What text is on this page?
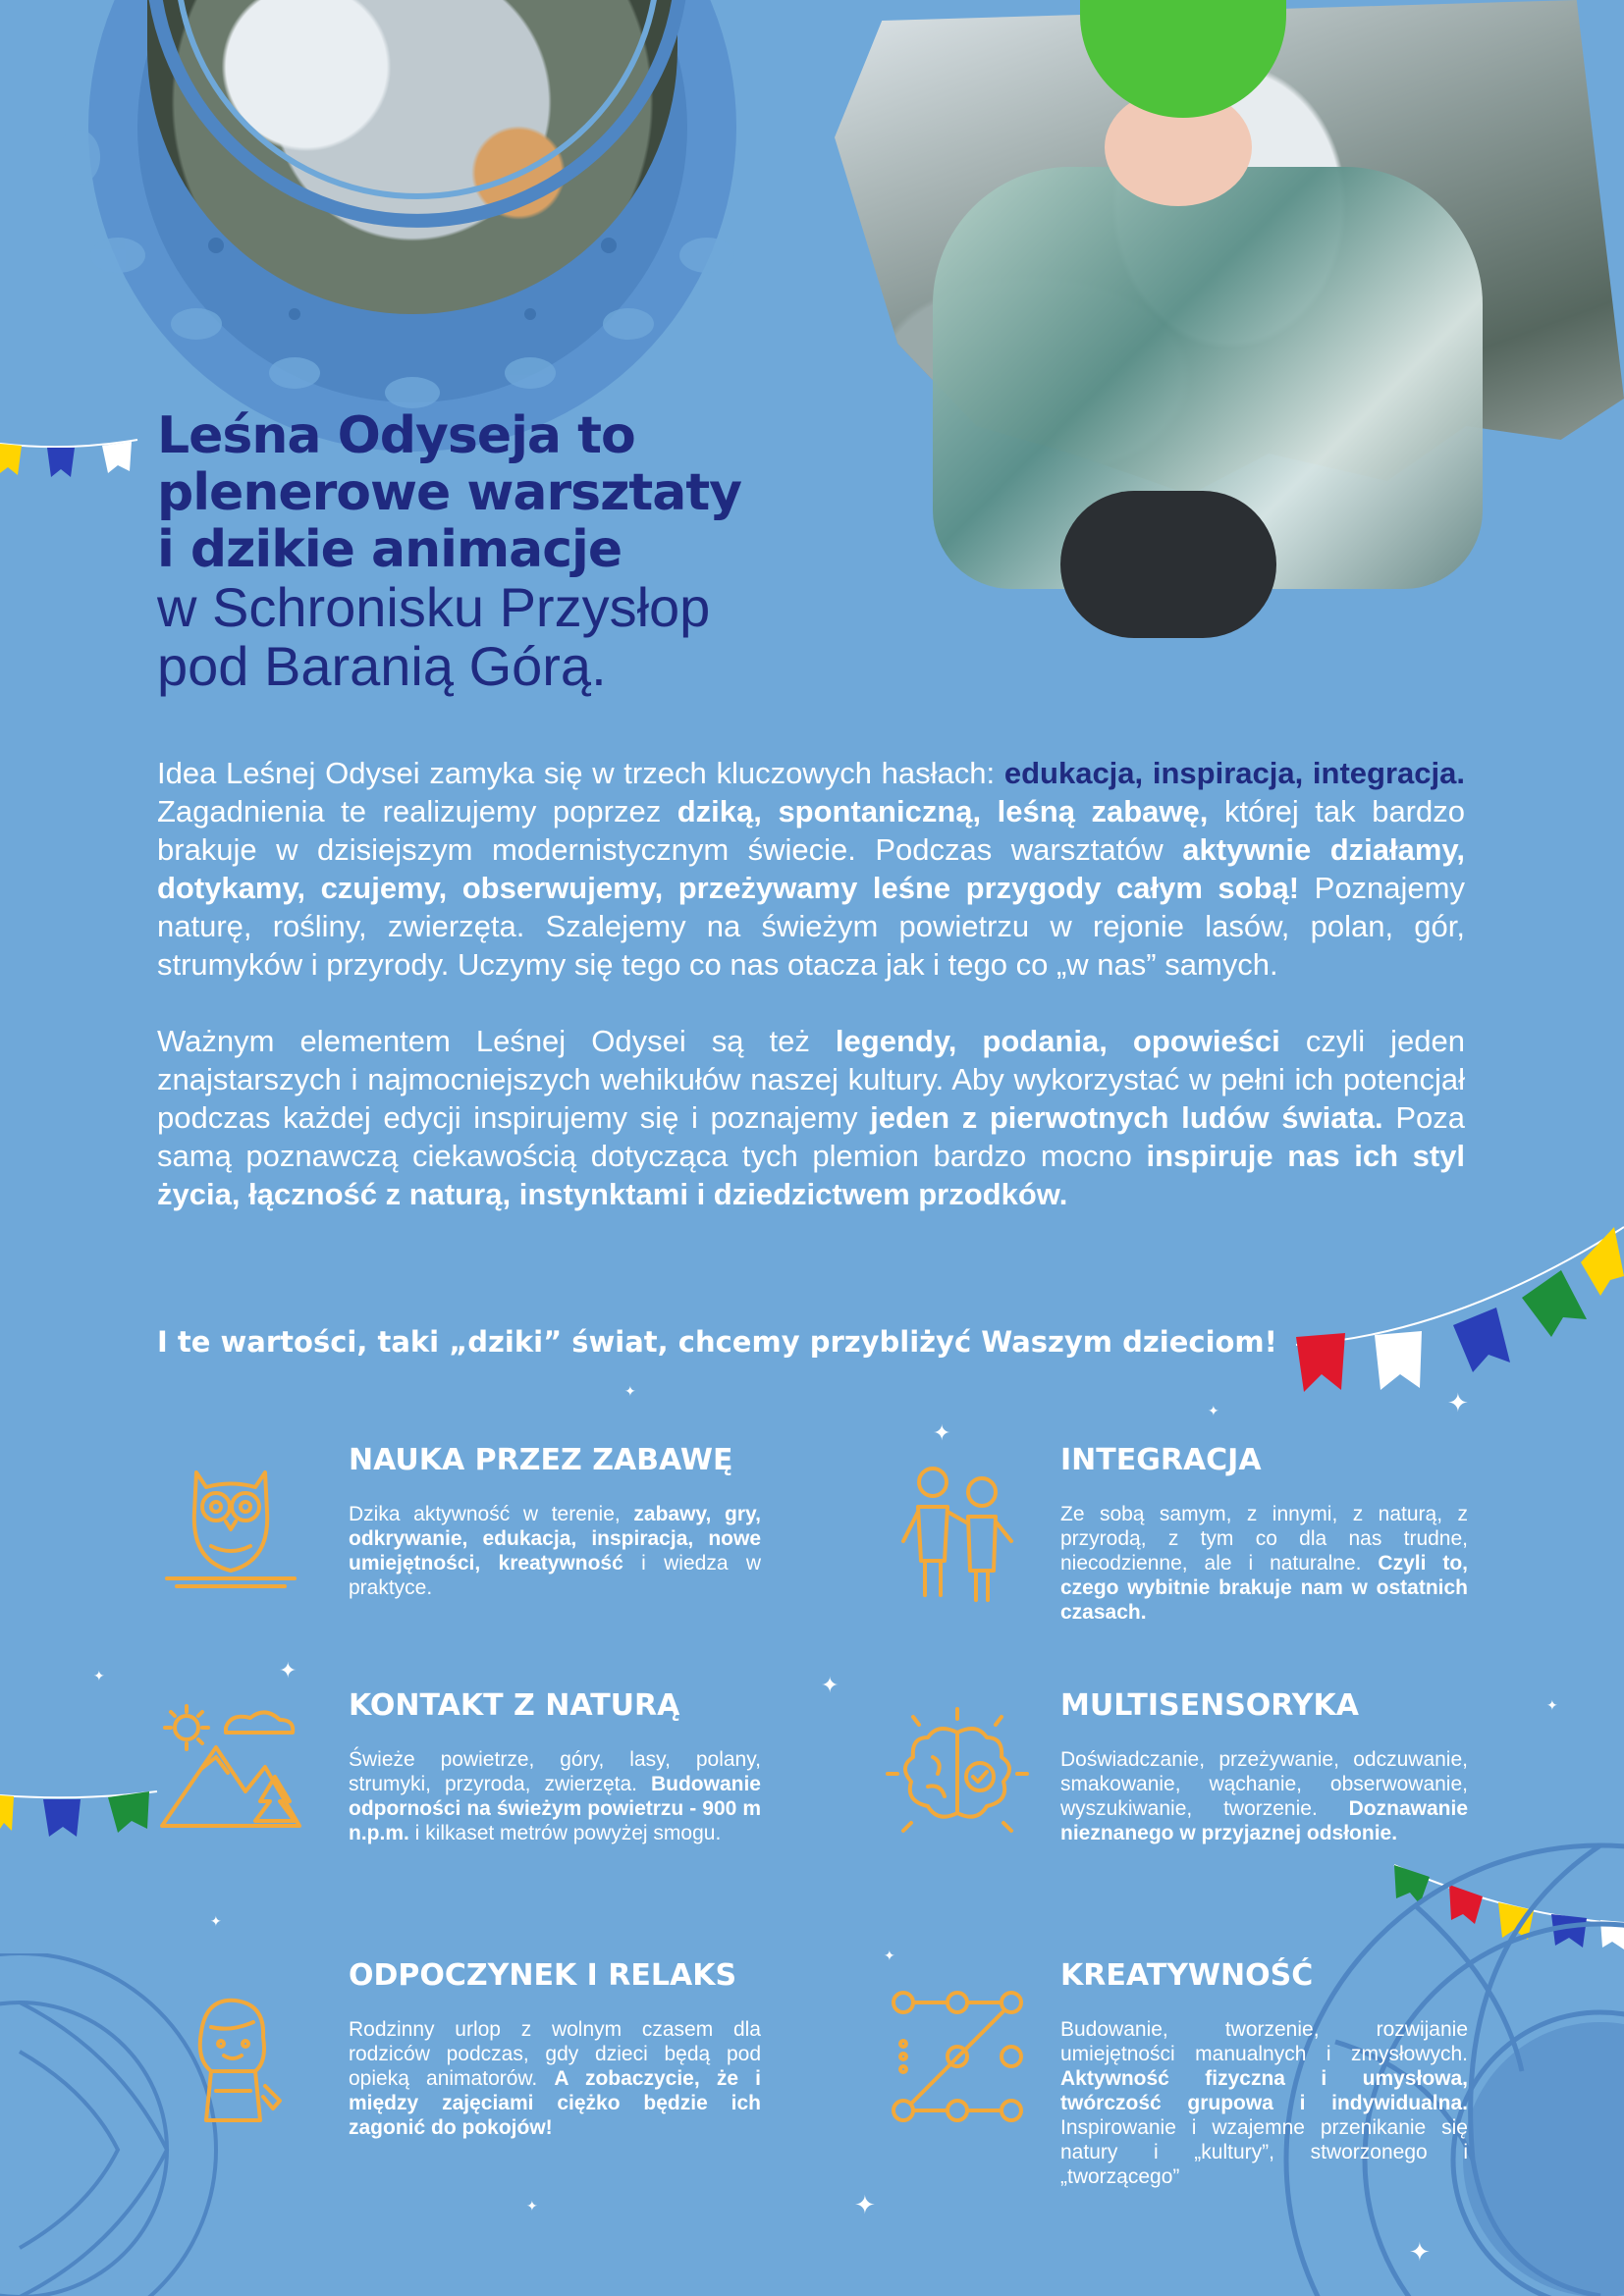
✦
✦
✦	✦
✦	✦
✦
✦
✦
✦
✦	✦
✦
Leśna Odyseja to
plenerowe warsztaty
i dzikie animacje
w Schronisku Przysłop
pod Baranią Górą.

Idea Leśnej Odysei zamyka się w trzech kluczowych hasłach: edukacja, inspiracja, integracja. Zagadnienia te realizujemy poprzez dziką, spontaniczną, leśną zabawę, której tak bardzo brakuje w dzisiejszym modernistycznym świecie. Podczas warsztatów aktywnie działamy, dotykamy, czujemy, obserwujemy, przeżywamy leśne przygody całym sobą! Poznajemy naturę, rośliny, zwierzęta. Szalejemy na świeżym powietrzu w rejonie lasów, polan, gór, strumyków i przyrody. Uczymy się tego co nas otacza jak i tego co „w nas” samych.

Ważnym elementem Leśnej Odysei są też legendy, podania, opowieści czyli jeden znajstarszych i najmocniejszych wehikułów naszej kultury. Aby wykorzystać w pełni ich potencjał podczas każdej edycji inspirujemy się i poznajemy jeden z pierwotnych ludów świata. Poza samą poznawczą ciekawością dotycząca tych plemion bardzo mocno inspiruje nas ich styl życia, łączność z naturą, instynktami i dziedzictwem przodków.

I te wartości, taki „dziki” świat, chcemy przybliżyć Waszym dzieciom!
NAUKA PRZEZ ZABAWĘ
Dzika aktywność w terenie, zabawy, gry, odkrywanie, edukacja, inspiracja, nowe umiejętności, kreatywność i wiedza w praktyce.
INTEGRACJA
Ze sobą samym, z innymi, z naturą, z przyrodą, z tym co dla nas trudne, niecodzienne, ale i naturalne. Czyli to, czego wybitnie brakuje nam w ostatnich czasach.
KONTAKT Z NATURĄ
Świeże powietrze, góry, lasy, polany, strumyki, przyroda, zwierzęta. Budowanie odporności na świeżym powietrzu - 900 m n.p.m. i kilkaset metrów powyżej smogu.
MULTISENSORYKA
Doświadczanie, przeżywanie, odczuwanie, smakowanie, wąchanie, obserwowanie, wyszukiwanie, tworzenie. Doznawanie nieznanego w przyjaznej odsłonie.
ODPOCZYNEK I RELAKS
Rodzinny urlop z wolnym czasem dla rodziców podczas, gdy dzieci będą pod opieką animatorów. A zobaczycie, że i między zajęciami ciężko będzie ich zagonić do pokojów!
KREATYWNOŚĆ
Budowanie, tworzenie, rozwijanie umiejętności manualnych i zmysłowych. Aktywność fizyczna i umysłowa, twórczość grupowa i indywidualna. Inspirowanie i wzajemne przenikanie się natury i „kultury”, stworzonego i „tworzącego”
